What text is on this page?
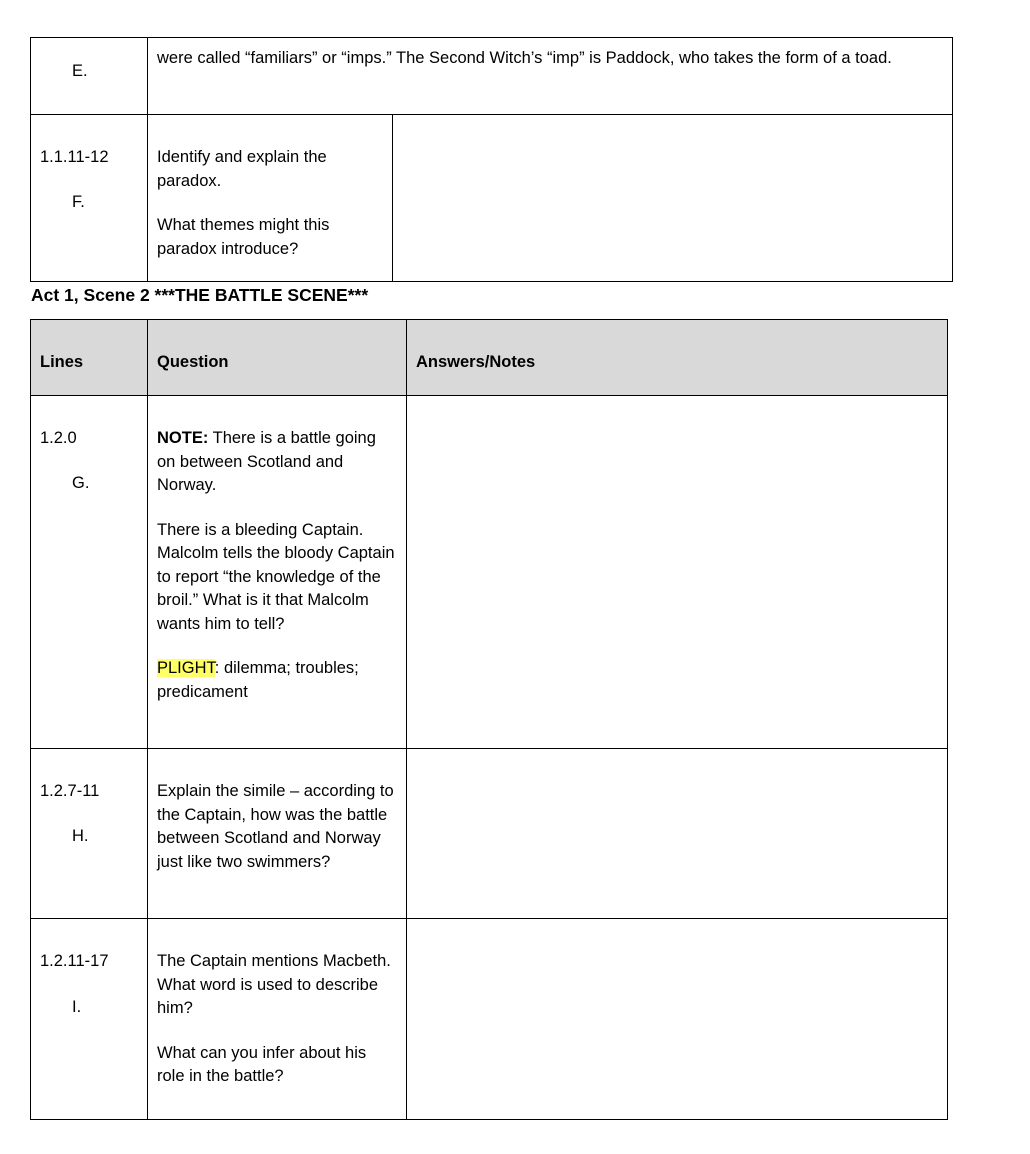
E.
were called “familiars” or “imps.” The Second Witch’s “imp” is Paddock, who takes the form of a toad.
1.1.11-12
F.
Identify and explain the paradox.
What themes might this paradox introduce?
Act 1, Scene 2 ***THE BATTLE SCENE***
Lines	Question	Answers/Notes
1.2.0
G.
NOTE: There is a battle going on between Scotland and Norway.
There is a bleeding Captain. Malcolm tells the bloody Captain to report “the knowledge of the broil.” What is it that Malcolm wants him to tell?
PLIGHT: dilemma; troubles; predicament
1.2.7-11
H.
Explain the simile – according to the Captain, how was the battle between Scotland and Norway just like two swimmers?
1.2.11-17
I.
The Captain mentions Macbeth. What word is used to describe him?
What can you infer about his role in the battle?
